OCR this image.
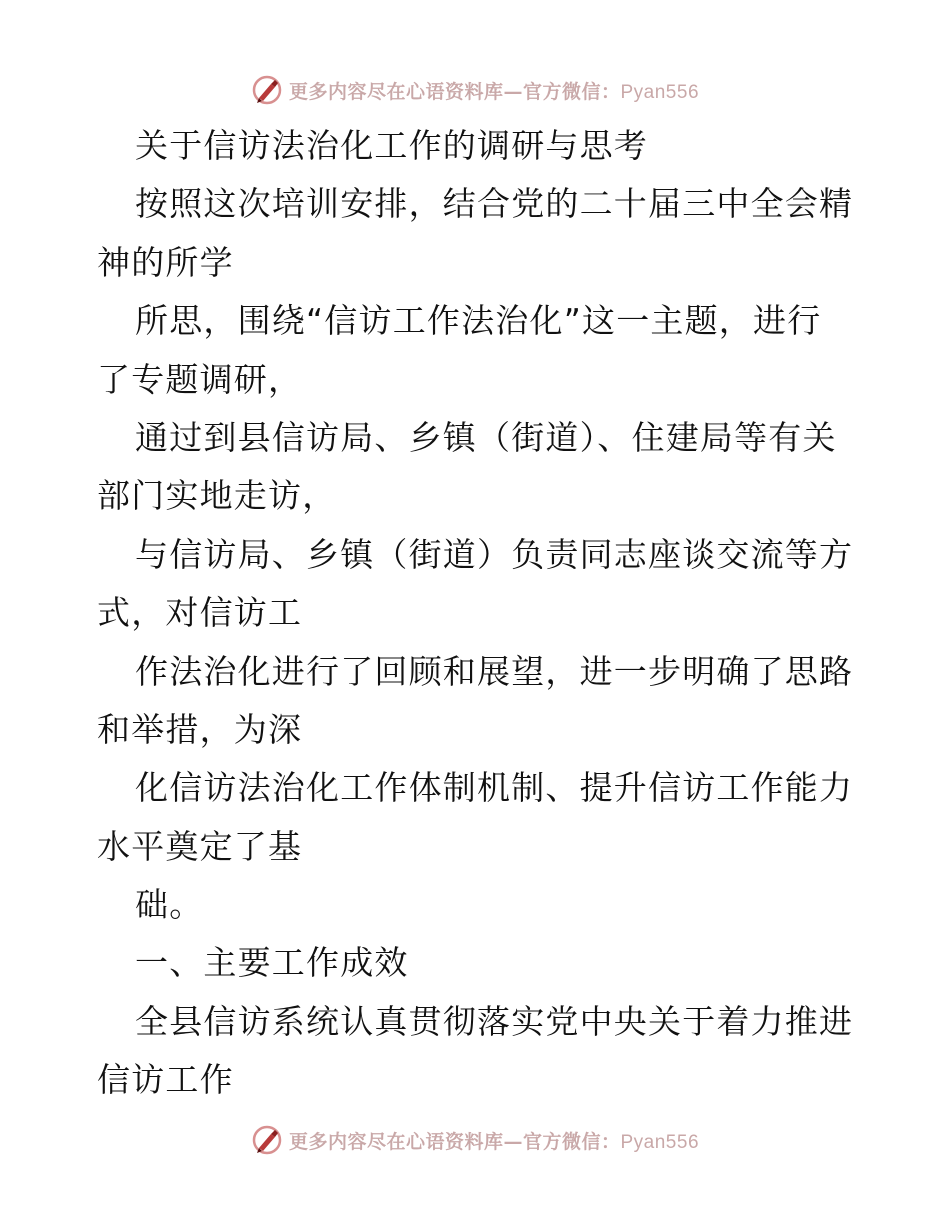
更多内容尽在心语资料库—官方微信：Pyan556
关于信访法治化工作的调研与思考
按照这次培训安排，结合党的二十届三中全会精
神的所学
所思，围绕“信访工作法治化”这一主题，进行
了专题调研，
通过到县信访局、乡镇（街道）、住建局等有关
部门实地走访，
与信访局、乡镇（街道）负责同志座谈交流等方
式，对信访工
作法治化进行了回顾和展望，进一步明确了思路
和举措，为深
化信访法治化工作体制机制、提升信访工作能力
水平奠定了基
础。
一、主要工作成效
全县信访系统认真贯彻落实党中央关于着力推进
信访工作
更多内容尽在心语资料库—官方微信：Pyan556
